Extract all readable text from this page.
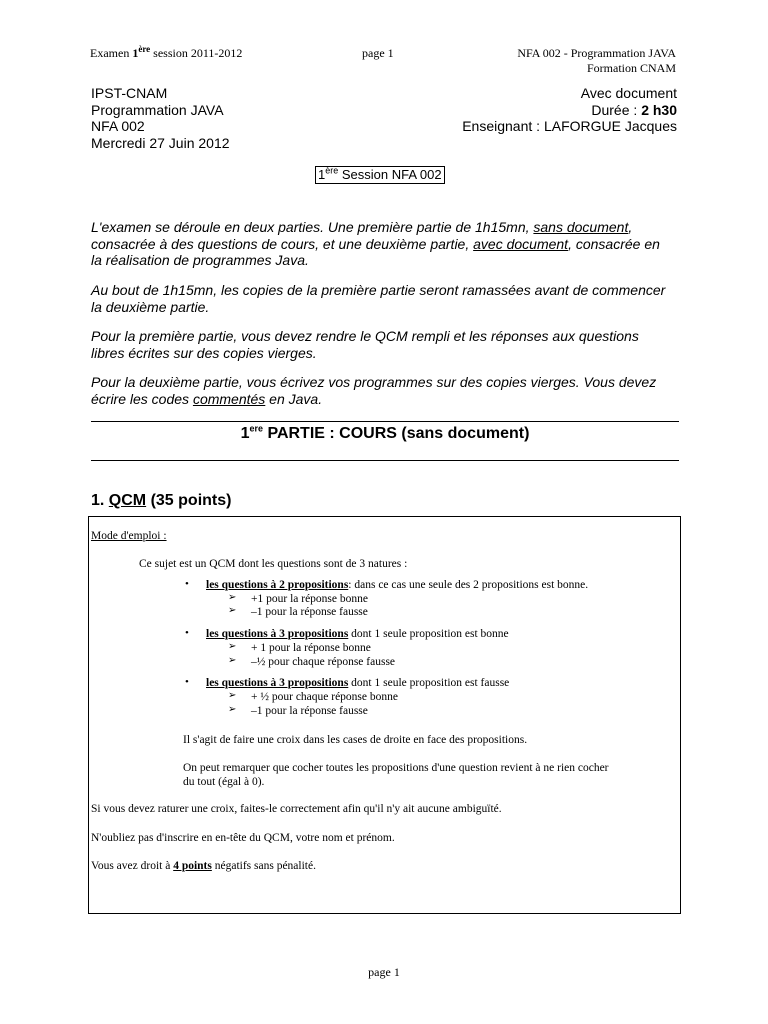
Examen 1ère session 2011-2012	page 1	NFA 002 - Programmation JAVA
Formation CNAM
IPST-CNAM
Programmation JAVA
NFA 002
Mercredi 27 Juin 2012
Avec document
Durée : 2 h30
Enseignant : LAFORGUE Jacques
1ère Session NFA 002
L'examen se déroule en deux parties. Une première partie de 1h15mn, sans document,
consacrée à des questions de cours, et une deuxième partie, avec document, consacrée en
la réalisation de programmes Java.
Au bout de 1h15mn, les copies de la première partie seront ramassées avant de commencer
la deuxième partie.
Pour la première partie, vous devez rendre le QCM rempli et les réponses aux questions
libres écrites sur des copies vierges.
Pour la deuxième partie, vous écrivez vos programmes sur des copies vierges. Vous devez
écrire les codes commentés en Java.
1ere PARTIE : COURS (sans document)
1. QCM (35 points)
Mode d'emploi :
Ce sujet est un QCM dont les questions sont de 3 natures :
• les questions à 2 propositions: dans ce cas une seule des 2 propositions est bonne.
➢ +1 pour la réponse bonne
➢ –1 pour la réponse fausse
• les questions à 3 propositions dont 1 seule proposition est bonne
➢ + 1 pour la réponse bonne
➢ –½ pour chaque réponse fausse
• les questions à 3 propositions dont 1 seule proposition est fausse
➢ + ½ pour chaque réponse bonne
➢ –1 pour la réponse fausse
Il s'agit de faire une croix dans les cases de droite en face des propositions.
On peut remarquer que cocher toutes les propositions d'une question revient à ne rien cocher
du tout (égal à 0).
Si vous devez raturer une croix, faites-le correctement afin qu'il n'y ait aucune ambiguïté.
N'oubliez pas d'inscrire en en-tête du QCM, votre nom et prénom.
Vous avez droit à 4 points négatifs sans pénalité.
page 1
